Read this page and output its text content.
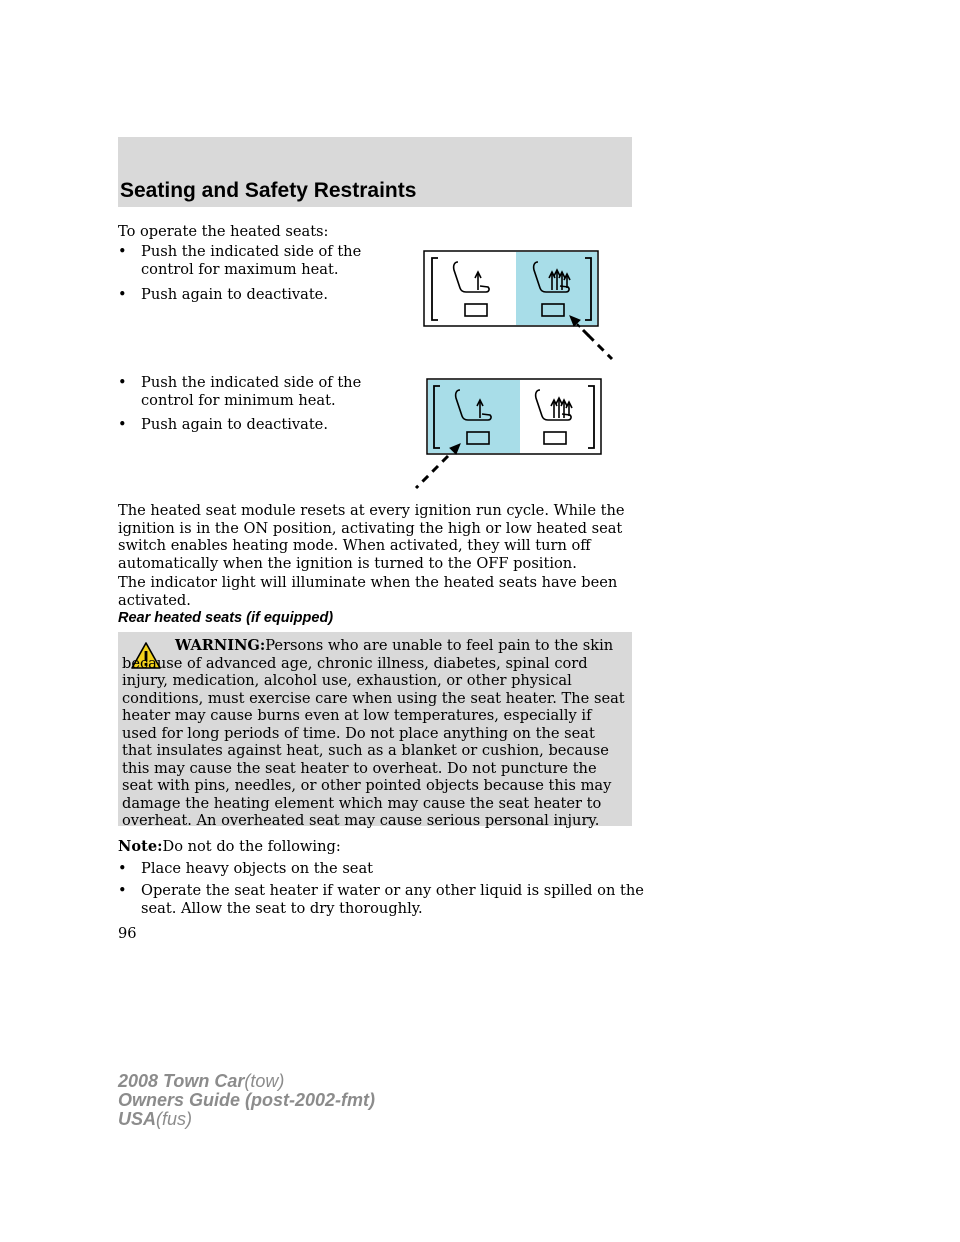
Seating and Safety Restraints
To operate the heated seats:
• Push the indicated side of the
control for maximum heat.
• Push again to deactivate.
• Push the indicated side of the
control for minimum heat.
• Push again to deactivate.

The heated seat module resets at every ignition run cycle. While the ignition is in the ON position, activating the high or low heated seat switch enables heating mode. When activated, they will turn off automatically when the ignition is turned to the OFF position.

The indicator light will illuminate when the heated seats have been activated.

Rear heated seats (if equipped)

WARNING:Persons who are unable to feel pain to the skin because of advanced age, chronic illness, diabetes, spinal cord injury, medication, alcohol use, exhaustion, or other physical conditions, must exercise care when using the seat heater. The seat heater may cause burns even at low temperatures, especially if used for long periods of time. Do not place anything on the seat that insulates against heat, such as a blanket or cushion, because this may cause the seat heater to overheat. Do not puncture the seat with pins, needles, or other pointed objects because this may damage the heating element which may cause the seat heater to overheat. An overheated seat may cause serious personal injury.

Note:Do not do the following:
• Place heavy objects on the seat
• Operate the seat heater if water or any other liquid is spilled on the
seat. Allow the seat to dry thoroughly.
96
2008 Town Car(tow)
Owners Guide (post-2002-fmt)
USA(fus)
